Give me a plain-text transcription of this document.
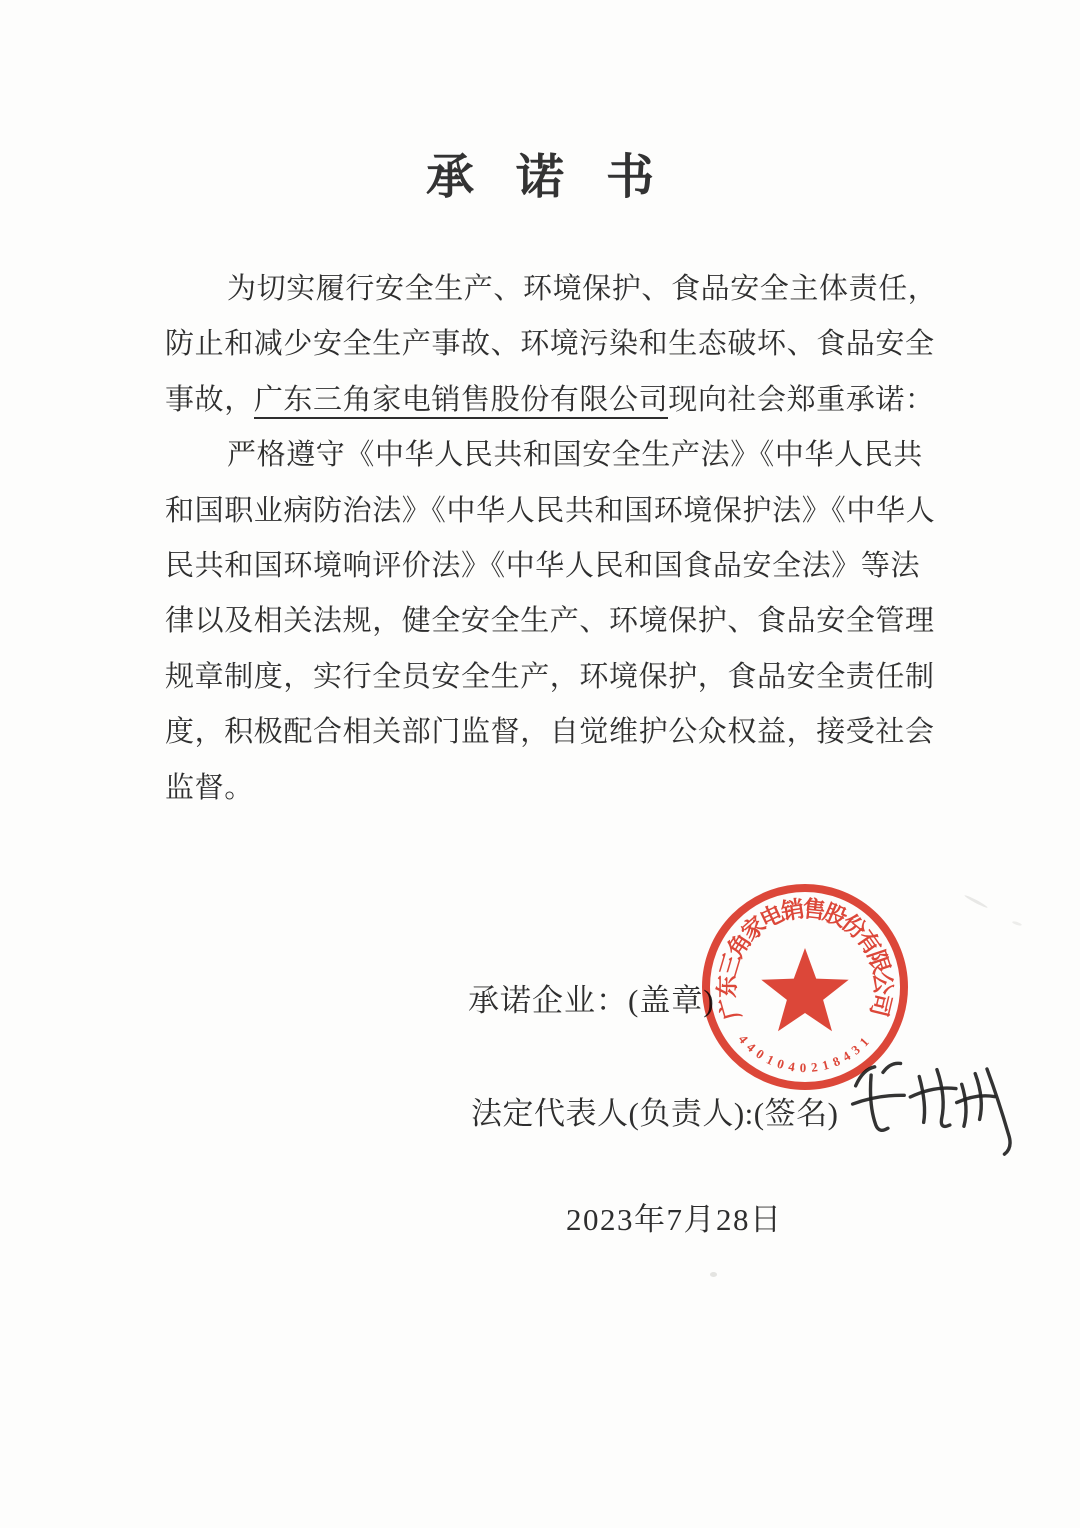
承诺书
为切实履行安全生产、环境保护、食品安全主体责任，
防止和减少安全生产事故、环境污染和生态破坏、食品安全
事故，广东三角家电销售股份有限公司现向社会郑重承诺：
严格遵守《中华人民共和国安全生产法》《中华人民共
和国职业病防治法》《中华人民共和国环境保护法》《中华人
民共和国环境响评价法》《中华人民和国食品安全法》等法
律以及相关法规，健全安全生产、环境保护、食品安全管理
规章制度，实行全员安全生产，环境保护，食品安全责任制
度，积极配合相关部门监督，自觉维护公众权益，接受社会
监督。
承诺企业：(盖章)
法定代表人(负责人):(签名)
2023年7月28日
广东三角家电销售股份有限公司
4401040218431
